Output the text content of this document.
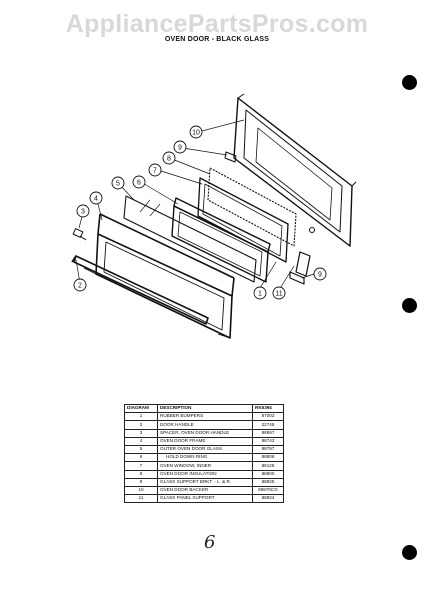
AppliancePartsPros.com
OVEN DOOR - BLACK GLASS
10
9
8
7
6
5
4
3
2
1 11
9
DIAGRAM	DESCRIPTION	RK5394
1	RUBBER BUMPERS	87002
2	DOOR HANDLE	22745
3	SPACER, OVEN DOOR HANDLE	88697
4	OVEN DOOR FRAME	88742
5	OUTER OVEN DOOR GLASS	88797
6	HOLD DOWN RING	88806
7	OVEN WINDOW, INNER	88128
8	OVEN DOOR INSULATION	88800
9	GLASS SUPPORT BRKT. - L. & R.	88825
10	OVEN DOOR BACKER	88870CG
11	GLASS PANEL SUPPORT	88824
6
